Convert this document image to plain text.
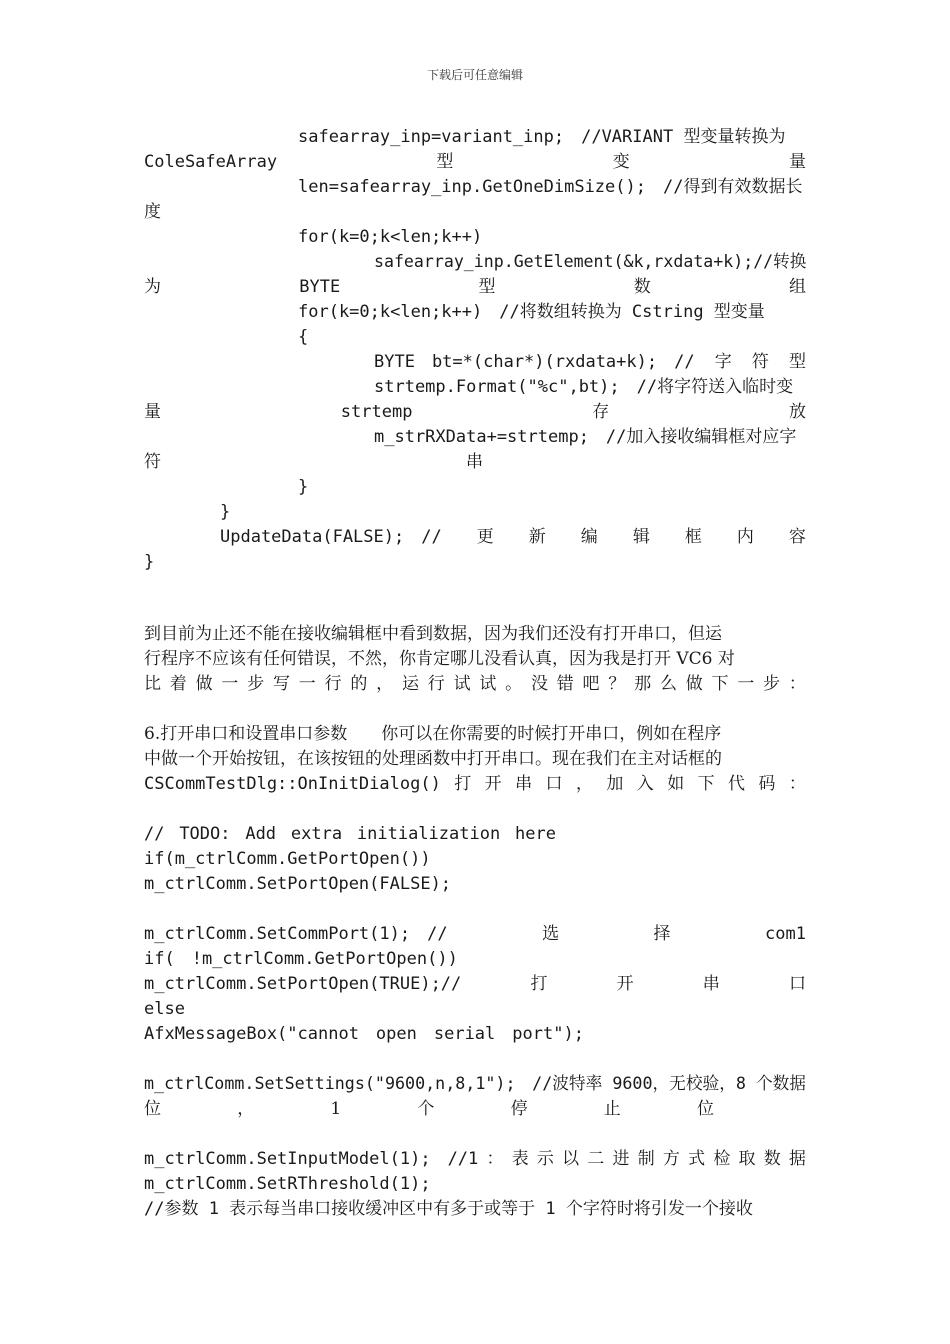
下载后可任意编辑
safearray_inp=variant_inp;　//VARIANT 型变量转换为
ColeSafeArray	型	变	量
len=safearray_inp.GetOneDimSize();　//得到有效数据长
度
for(k=0;k<len;k++)
safearray_inp.GetElement(&k,rxdata+k);//转换
为	BYTE	型	数	组
for(k=0;k<len;k++)　//将数组转换为 Cstring 型变量
{
BYTE　bt=*(char*)(rxdata+k);　// 字 符 型
strtemp.Format("%c",bt);　//将字符送入临时变
量	strtemp	存	放
m_strRXData+=strtemp;　//加入接收编辑框对应字
符	串
}
}
UpdateData(FALSE);　// 更 新 编 辑 框 内 容
}
到目前为止还不能在接收编辑框中看到数据，因为我们还没有打开串口，但运
行程序不应该有任何错误，不然，你肯定哪儿没看认真，因为我是打开 VC6 对
比 着 做 一 步 写 一 行 的 ， 运 行 试 试 。 没 错 吧 ？ 那 么 做 下 一 步 ：
6.打开串口和设置串口参数　　你可以在你需要的时候打开串口，例如在程序
中做一个开始按钮，在该按钮的处理函数中打开串口。现在我们在主对话框的
CSCommTestDlg::OnInitDialog() 打 开 串 口 ， 加 入 如 下 代 码 ：
// TODO: Add extra initialization here
if(m_ctrlComm.GetPortOpen())
m_ctrlComm.SetPortOpen(FALSE);
m_ctrlComm.SetCommPort(1);　//	选	择	com1
if(　!m_ctrlComm.GetPortOpen())
m_ctrlComm.SetPortOpen(TRUE);//	打	开	串	口
else
AfxMessageBox("cannot　open　serial　port");
m_ctrlComm.SetSettings("9600,n,8,1");　//波特率 9600，无校验，8 个数据
位	，	1	个	停	止	位
m_ctrlComm.SetInputModel(1);　//1 ： 表 示 以 二 进 制 方 式 检 取 数 据
m_ctrlComm.SetRThreshold(1);
//参数 1 表示每当串口接收缓冲区中有多于或等于 1 个字符时将引发一个接收
